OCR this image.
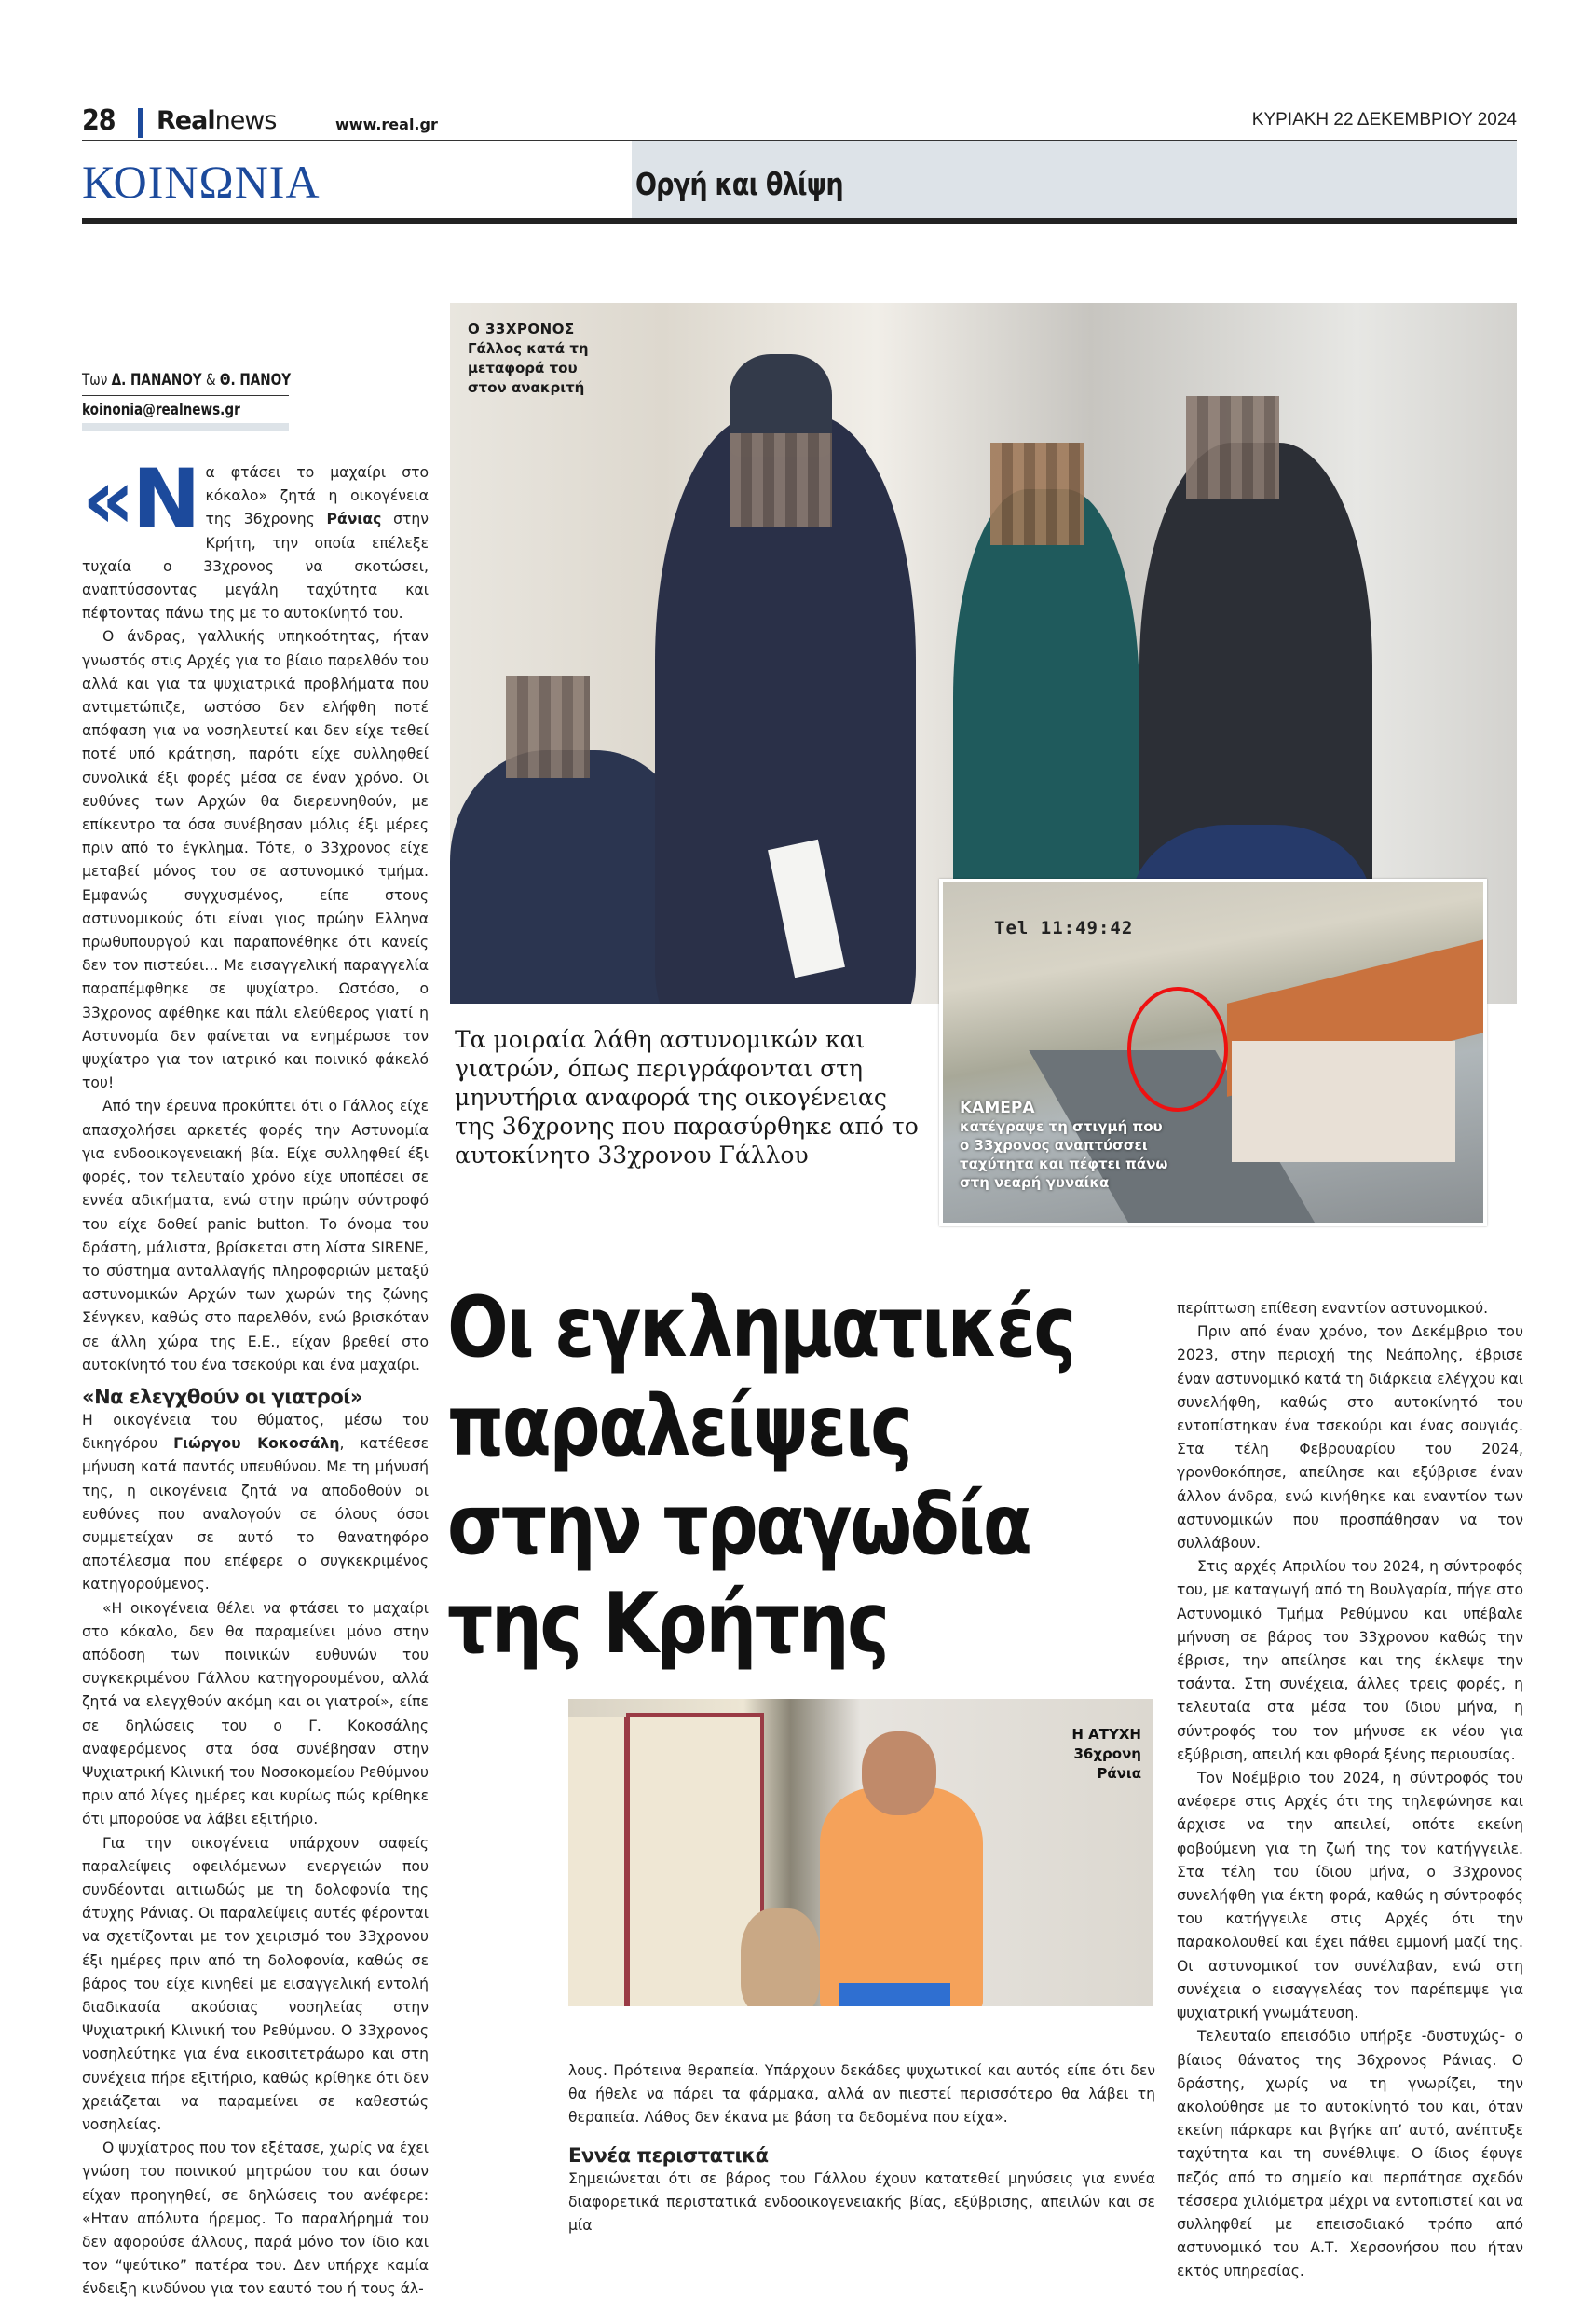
28 Realnews	www.real.gr	ΚΥΡΙΑΚΗ 22 ΔΕΚΕΜΒΡΙΟΥ 2024
ΚΟΙΝΩΝΙΑ	Οργή και θλίψη
Των Δ. ΠΑΝΑΝΟΥ & Θ. ΠΑΝΟΥ
koinonia@realnews.gr

«Να φτάσει το μαχαίρι στο κόκαλο» ζητά η οικογένεια της 36χρονης Ράνιας στην Κρήτη, την οποία επέλεξε τυχαία ο 33χρονος να σκοτώσει, αναπτύσσοντας μεγάλη ταχύτητα και πέφτοντας πάνω της με το αυτοκίνητό του.

Ο άνδρας, γαλλικής υπηκοότητας, ήταν γνωστός στις Αρχές για το βίαιο παρελθόν του αλλά και για τα ψυχιατρικά προβλήματα που αντιμετώπιζε, ωστόσο δεν ελήφθη ποτέ απόφαση για να νοσηλευτεί και δεν είχε τεθεί ποτέ υπό κράτηση, παρότι είχε συλληφθεί συνολικά έξι φορές μέσα σε έναν χρόνο. Οι ευθύνες των Αρχών θα διερευνηθούν, με επίκεντρο τα όσα συνέβησαν μόλις έξι μέρες πριν από το έγκλημα. Τότε, ο 33χρονος είχε μεταβεί μόνος του σε αστυνομικό τμήμα. Εμφανώς συγχυσμένος, είπε στους αστυνομικούς ότι είναι γιος πρώην Ελληνα πρωθυπουργού και παραπονέθηκε ότι κανείς δεν τον πιστεύει... Με εισαγγελική παραγγελία παραπέμφθηκε σε ψυχίατρο. Ωστόσο, ο 33χρονος αφέθηκε και πάλι ελεύθερος γιατί η Αστυνομία δεν φαίνεται να ενημέρωσε τον ψυχίατρο για τον ιατρικό και ποινικό φάκελό του!

Από την έρευνα προκύπτει ότι ο Γάλλος είχε απασχολήσει αρκετές φορές την Αστυνομία για ενδοοικογενειακή βία. Είχε συλληφθεί έξι φορές, τον τελευταίο χρόνο είχε υποπέσει σε εννέα αδικήματα, ενώ στην πρώην σύντροφό του είχε δοθεί panic button. Το όνομα του δράστη, μάλιστα, βρίσκεται στη λίστα SIRENE, το σύστημα ανταλλαγής πληροφοριών μεταξύ αστυνομικών Αρχών των χωρών της ζώνης Σένγκεν, καθώς στο παρελθόν, ενώ βρισκόταν σε άλλη χώρα της Ε.Ε., είχαν βρεθεί στο αυτοκίνητό του ένα τσεκούρι και ένα μαχαίρι.

«Να ελεγχθούν οι γιατροί»

Η οικογένεια του θύματος, μέσω του δικηγόρου Γιώργου Κοκοσάλη, κατέθεσε μήνυση κατά παντός υπευθύνου. Με τη μήνυσή της, η οικογένεια ζητά να αποδοθούν οι ευθύνες που αναλογούν σε όλους όσοι συμμετείχαν σε αυτό το θανατηφόρο αποτέλεσμα που επέφερε ο συγκεκριμένος κατηγορούμενος.

«Η οικογένεια θέλει να φτάσει το μαχαίρι στο κόκαλο, δεν θα παραμείνει μόνο στην απόδοση των ποινικών ευθυνών του συγκεκριμένου Γάλλου κατηγορουμένου, αλλά ζητά να ελεγχθούν ακόμη και οι γιατροί», είπε σε δηλώσεις του ο Γ. Κοκοσάλης αναφερόμενος στα όσα συνέβησαν στην Ψυχιατρική Κλινική του Νοσοκομείου Ρεθύμνου πριν από λίγες ημέρες και κυρίως πώς κρίθηκε ότι μπορούσε να λάβει εξιτήριο.

Για την οικογένεια υπάρχουν σαφείς παραλείψεις οφειλόμενων ενεργειών που συνδέονται αιτιωδώς με τη δολοφονία της άτυχης Ράνιας. Οι παραλείψεις αυτές φέρονται να σχετίζονται με τον χειρισμό του 33χρονου έξι ημέρες πριν από τη δολοφονία, καθώς σε βάρος του είχε κινηθεί με εισαγγελική εντολή διαδικασία ακούσιας νοσηλείας στην Ψυχιατρική Κλινική του Ρεθύμνου. Ο 33χρονος νοσηλεύτηκε για ένα εικοσιτετράωρο και στη συνέχεια πήρε εξιτήριο, καθώς κρίθηκε ότι δεν χρειάζεται να παραμείνει σε καθεστώς νοσηλείας.

Ο ψυχίατρος που τον εξέτασε, χωρίς να έχει γνώση του ποινικού μητρώου του και όσων είχαν προηγηθεί, σε δηλώσεις του ανέφερε: «Ηταν απόλυτα ήρεμος. Το παραλήρημά του δεν αφορούσε άλλους, παρά μόνο τον ίδιο και τον “ψεύτικο” πατέρα του. Δεν υπήρχε καμία ένδειξη κινδύνου για τον εαυτό του ή τους άλ-

Ο 33ΧΡΟΝΟΣ
Γάλλος κατά τη μεταφορά του στον ανακριτή
Tel 11:49:42
ΚΑΜΕΡΑ
κατέγραψε τη στιγμή που ο 33χρονος αναπτύσσει ταχύτητα και πέφτει πάνω στη νεαρή γυναίκα
Τα μοιραία λάθη αστυνομικών και γιατρών, όπως περιγράφονται στη μηνυτήρια αναφορά της οικογένειας της 36χρονης που παρασύρθηκε από το αυτοκίνητο 33χρονου Γάλλου
Οι εγκληματικές
παραλείψεις
στην τραγωδία
της Κρήτης
Η ΑΤΥΧΗ
36χρονη
Ράνια

λους. Πρότεινα θεραπεία. Υπάρχουν δεκάδες ψυχωτικοί και αυτός είπε ότι δεν θα ήθελε να πάρει τα φάρμακα, αλλά αν πιεστεί περισσότερο θα λάβει τη θεραπεία. Λάθος δεν έκανα με βάση τα δεδομένα που είχα».

Εννέα περιστατικά

Σημειώνεται ότι σε βάρος του Γάλλου έχουν κατατεθεί μηνύσεις για εννέα διαφορετικά περιστατικά ενδοοικογενειακής βίας, εξύβρισης, απειλών και σε μία

περίπτωση επίθεση εναντίον αστυνομικού.

Πριν από έναν χρόνο, τον Δεκέμβριο του 2023, στην περιοχή της Νεάπολης, έβρισε έναν αστυνομικό κατά τη διάρκεια ελέγχου και συνελήφθη, καθώς στο αυτοκίνητό του εντοπίστηκαν ένα τσεκούρι και ένας σουγιάς. Στα τέλη Φεβρουαρίου του 2024, γρονθοκόπησε, απείλησε και εξύβρισε έναν άλλον άνδρα, ενώ κινήθηκε και εναντίον των αστυνομικών που προσπάθησαν να τον συλλάβουν.

Στις αρχές Απριλίου του 2024, η σύντροφός του, με καταγωγή από τη Βουλγαρία, πήγε στο Αστυνομικό Τμήμα Ρεθύμνου και υπέβαλε μήνυση σε βάρος του 33χρονου καθώς την έβρισε, την απείλησε και της έκλεψε την τσάντα. Στη συνέχεια, άλλες τρεις φορές, η τελευταία στα μέσα του ίδιου μήνα, η σύντροφός του τον μήνυσε εκ νέου για εξύβριση, απειλή και φθορά ξένης περιουσίας.

Τον Νοέμβριο του 2024, η σύντροφός του ανέφερε στις Αρχές ότι της τηλεφώνησε και άρχισε να την απειλεί, οπότε εκείνη φοβούμενη για τη ζωή της τον κατήγγειλε. Στα τέλη του ίδιου μήνα, ο 33χρονος συνελήφθη για έκτη φορά, καθώς η σύντροφός του κατήγγειλε στις Αρχές ότι την παρακολουθεί και έχει πάθει εμμονή μαζί της. Οι αστυνομικοί τον συνέλαβαν, ενώ στη συνέχεια ο εισαγγελέας τον παρέπεμψε για ψυχιατρική γνωμάτευση.

Τελευταίο επεισόδιο υπήρξε -δυστυχώς- ο βίαιος θάνατος της 36χρονος Ράνιας. Ο δράστης, χωρίς να τη γνωρίζει, την ακολούθησε με το αυτοκίνητό του και, όταν εκείνη πάρκαρε και βγήκε απ’ αυτό, ανέπτυξε ταχύτητα και τη συνέθλιψε. Ο ίδιος έφυγε πεζός από το σημείο και περπάτησε σχεδόν τέσσερα χιλιόμετρα μέχρι να εντοπιστεί και να συλληφθεί με επεισοδιακό τρόπο από αστυνομικό του Α.Τ. Χερσονήσου που ήταν εκτός υπηρεσίας.
